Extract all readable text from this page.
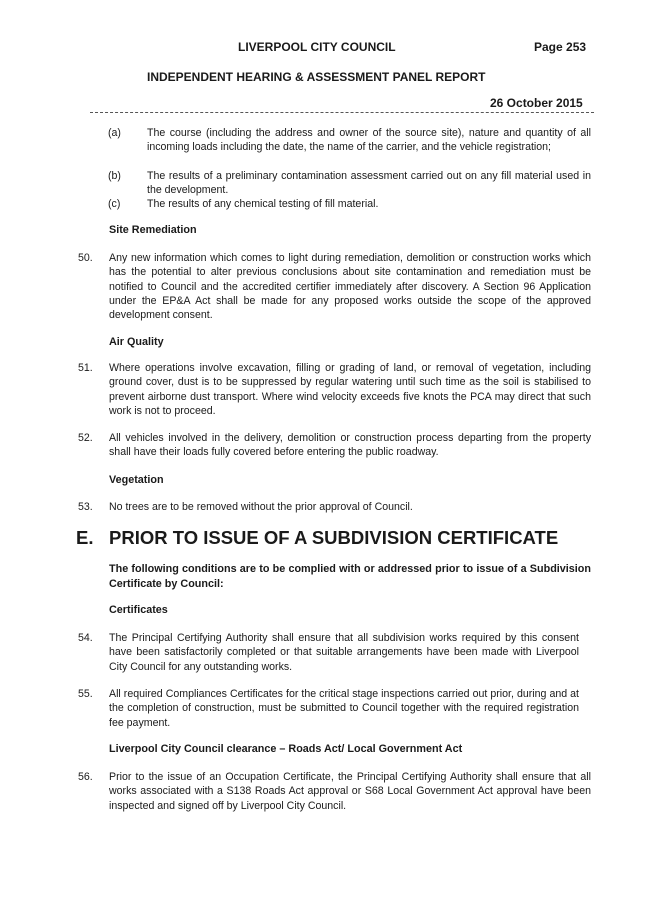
LIVERPOOL CITY COUNCIL	Page 253
INDEPENDENT HEARING & ASSESSMENT PANEL REPORT
26 October 2015
(a) The course (including the address and owner of the source site), nature and quantity of all incoming loads including the date, the name of the carrier, and the vehicle registration;
(b) The results of a preliminary contamination assessment carried out on any fill material used in the development.
(c)	The results of any chemical testing of fill material.
Site Remediation
50. Any new information which comes to light during remediation, demolition or construction works which has the potential to alter previous conclusions about site contamination and remediation must be notified to Council and the accredited certifier immediately after discovery. A Section 96 Application under the EP&A Act shall be made for any proposed works outside the scope of the approved development consent.
Air Quality
51. Where operations involve excavation, filling or grading of land, or removal of vegetation, including ground cover, dust is to be suppressed by regular watering until such time as the soil is stabilised to prevent airborne dust transport. Where wind velocity exceeds five knots the PCA may direct that such work is not to proceed.
52. All vehicles involved in the delivery, demolition or construction process departing from the property shall have their loads fully covered before entering the public roadway.
Vegetation
53. No trees are to be removed without the prior approval of Council.
E. PRIOR TO ISSUE OF A SUBDIVISION CERTIFICATE
The following conditions are to be complied with or addressed prior to issue of a Subdivision Certificate by Council:
Certificates
54. The Principal Certifying Authority shall ensure that all subdivision works required by this consent have been satisfactorily completed or that suitable arrangements have been made with Liverpool City Council for any outstanding works.
55. All required Compliances Certificates for the critical stage inspections carried out prior, during and at the completion of construction, must be submitted to Council together with the required registration fee payment.
Liverpool City Council clearance – Roads Act/ Local Government Act
56. Prior to the issue of an Occupation Certificate, the Principal Certifying Authority shall ensure that all works associated with a S138 Roads Act approval or S68 Local Government Act approval have been inspected and signed off by Liverpool City Council.
